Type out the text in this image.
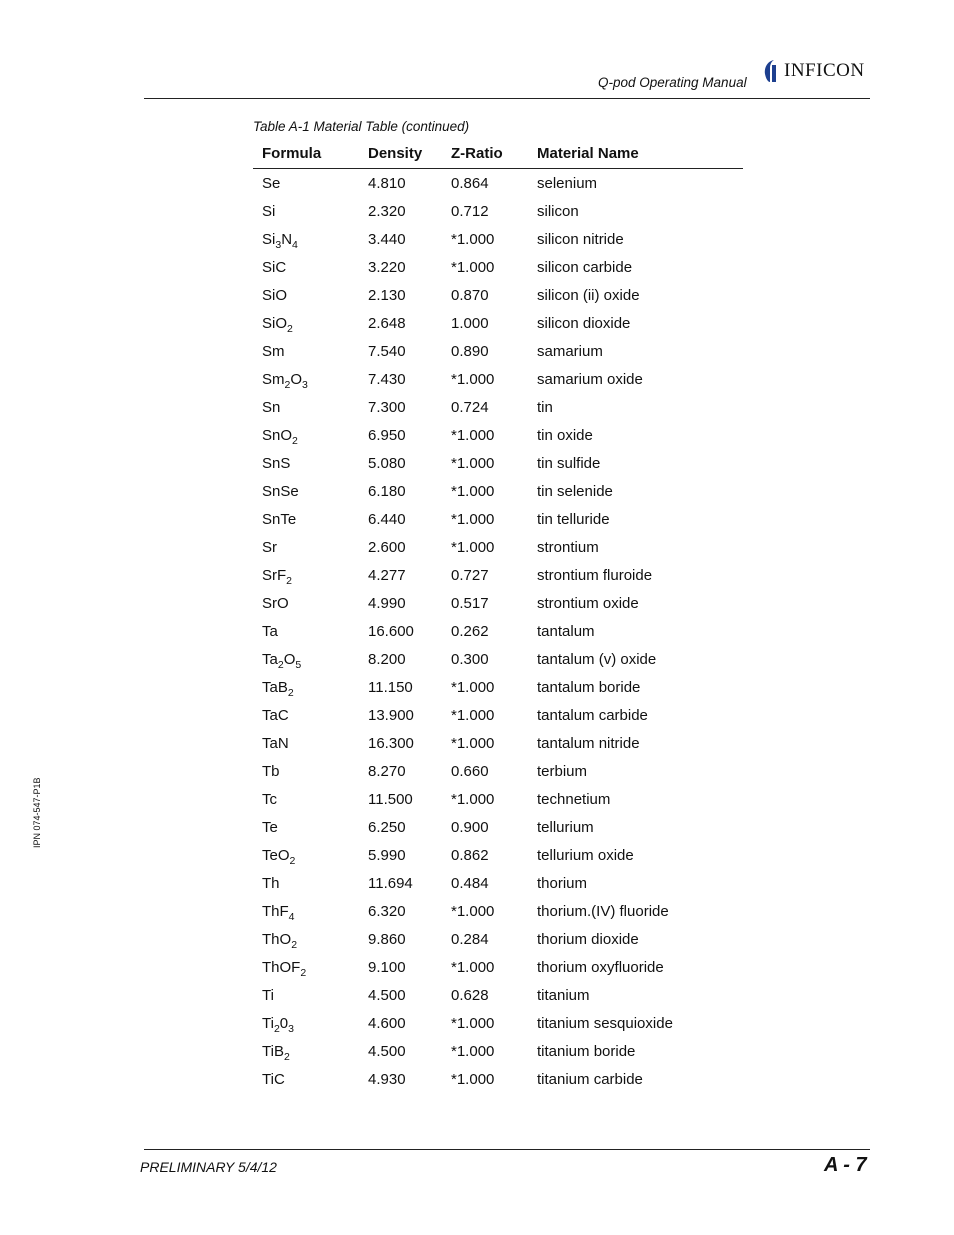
Q-pod Operating Manual
INFICON
Table A-1 Material Table (continued)
Formula	Density	Z-Ratio	Material Name
Se	4.810	0.864	selenium
Si	2.320	0.712	silicon
$Si_3N_4$	3.440	*1.000	silicon nitride
SiC	3.220	*1.000	silicon carbide
SiO	2.130	0.870	silicon (ii) oxide
SiO$_2$	2.648	1.000	silicon dioxide
Sm	7.540	0.890	samarium
$Sm_2O_3$	7.430	*1.000	samarium oxide
Sn	7.300	0.724	tin
SnO$_2$	6.950	*1.000	tin oxide
SnS	5.080	*1.000	tin sulfide
SnSe	6.180	*1.000	tin selenide
SnTe	6.440	*1.000	tin telluride
Sr	2.600	*1.000	strontium
SrF$_2$	4.277	0.727	strontium fluroide
SrO	4.990	0.517	strontium oxide
Ta	16.600	0.262	tantalum
$Ta_2O_5$	8.200	0.300	tantalum (v) oxide
TaB$_2$	11.150	*1.000	tantalum boride
TaC	13.900	*1.000	tantalum carbide
TaN	16.300	*1.000	tantalum nitride
Tb	8.270	0.660	terbium
Tc	11.500	*1.000	technetium
Te	6.250	0.900	tellurium
TeO$_2$	5.990	0.862	tellurium oxide
Th	11.694	0.484	thorium
ThF$_4$	6.320	*1.000	thorium.(IV) fluoride
ThO$_2$	9.860	0.284	thorium dioxide
ThOF$_2$	9.100	*1.000	thorium oxyfluoride
Ti	4.500	0.628	titanium
$Ti_20_3$	4.600	*1.000	titanium sesquioxide
TiB$_2$	4.500	*1.000	titanium boride
TiC	4.930	*1.000	titanium carbide
IPN 074-547-P1B
PRELIMINARY 5/4/12	A - 7
